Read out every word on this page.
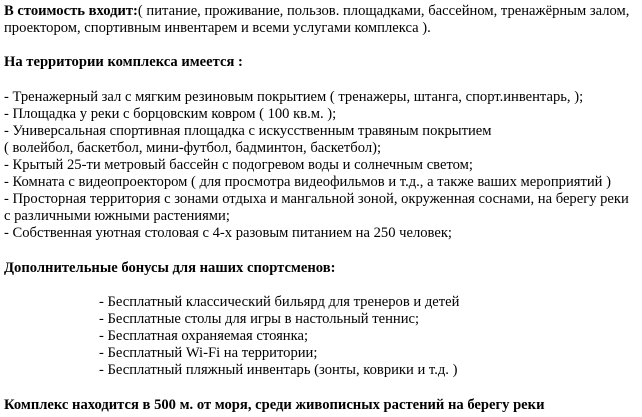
В стоимость входит:( питание, проживание, пользов. площадками, бассейном, тренажёрным залом,
проектором, спортивным инвентарем и всеми услугами комплекса ).
На территории комплекса имеется :
- Тренажерный зал с мягким резиновым покрытием ( тренажеры, штанга, спорт.инвентарь, );
- Площадка у реки с борцовским ковром ( 100 кв.м. );
- Универсальная спортивная площадка с искусственным травяным покрытием
( волейбол, баскетбол, мини-футбол, бадминтон, баскетбол);
- Крытый 25-ти метровый бассейн с подогревом воды и солнечным светом;
- Комната с видеопроектором ( для просмотра видеофильмов и т.д., а также ваших мероприятий )
- Просторная территория с зонами отдыха и мангальной зоной, окруженная соснами, на берегу реки
с различными южными растениями;
- Собственная уютная столовая с 4-х разовым питанием на 250 человек;
Дополнительные бонусы для наших спортсменов:
- Бесплатный классический бильярд для тренеров и детей
- Бесплатные столы для игры в настольный теннис;
- Бесплатная охраняемая стоянка;
- Бесплатный Wi-Fi на территории;
- Бесплатный пляжный инвентарь (зонты, коврики и т.д. )
Комплекс находится в 500 м. от моря, среди живописных растений на берегу реки
